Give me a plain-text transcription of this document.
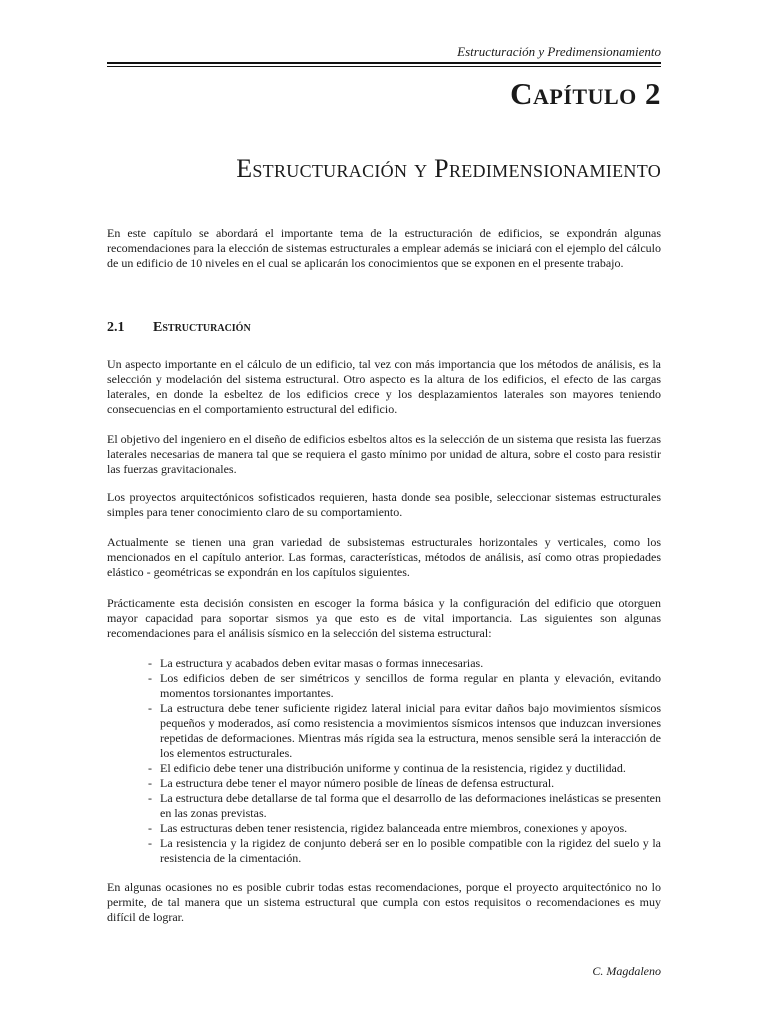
Estructuración y Predimensionamiento
Capítulo 2
Estructuración y Predimensionamiento

En este capítulo se abordará el importante tema de la estructuración de edificios, se expondrán algunas recomendaciones para la elección de sistemas estructurales a emplear además se iniciará con el ejemplo del cálculo de un edificio de 10 niveles en el cual se aplicarán los conocimientos que se exponen en el presente trabajo.

2.1 Estructuración

Un aspecto importante en el cálculo de un edificio, tal vez con más importancia que los métodos de análisis, es la selección y modelación del sistema estructural. Otro aspecto es la altura de los edificios, el efecto de las cargas laterales, en donde la esbeltez de los edificios crece y los desplazamientos laterales son mayores teniendo consecuencias en el comportamiento estructural del edificio.

El objetivo del ingeniero en el diseño de edificios esbeltos altos es la selección de un sistema que resista las fuerzas laterales necesarias de manera tal que se requiera el gasto mínimo por unidad de altura, sobre el costo para resistir las fuerzas gravitacionales.

Los proyectos arquitectónicos sofisticados requieren, hasta donde sea posible, seleccionar sistemas estructurales simples para tener conocimiento claro de su comportamiento.

Actualmente se tienen una gran variedad de subsistemas estructurales horizontales y verticales, como los mencionados en el capítulo anterior. Las formas, características, métodos de análisis, así como otras propiedades elástico - geométricas se expondrán en los capítulos siguientes.

Prácticamente esta decisión consisten en escoger la forma básica y la configuración del edificio que otorguen mayor capacidad para soportar sismos ya que esto es de vital importancia. Las siguientes son algunas recomendaciones para el análisis sísmico en la selección del sistema estructural:

- La estructura y acabados deben evitar masas o formas innecesarias.
- Los edificios deben de ser simétricos y sencillos de forma regular en planta y elevación, evitando momentos torsionantes importantes.
- La estructura debe tener suficiente rigidez lateral inicial para evitar daños bajo movimientos sísmicos pequeños y moderados, así como resistencia a movimientos sísmicos intensos que induzcan inversiones repetidas de deformaciones. Mientras más rígida sea la estructura, menos sensible será la interacción de los elementos estructurales.
- El edificio debe tener una distribución uniforme y continua de la resistencia, rigidez y ductilidad.
- La estructura debe tener el mayor número posible de líneas de defensa estructural.
- La estructura debe detallarse de tal forma que el desarrollo de las deformaciones inelásticas se presenten en las zonas previstas.
- Las estructuras deben tener resistencia, rigidez balanceada entre miembros, conexiones y apoyos.
- La resistencia y la rigidez de conjunto deberá ser en lo posible compatible con la rigidez del suelo y la resistencia de la cimentación.

En algunas ocasiones no es posible cubrir todas estas recomendaciones, porque el proyecto arquitectónico no lo permite, de tal manera que un sistema estructural que cumpla con estos requisitos o recomendaciones es muy difícil de lograr.

C. Magdaleno
